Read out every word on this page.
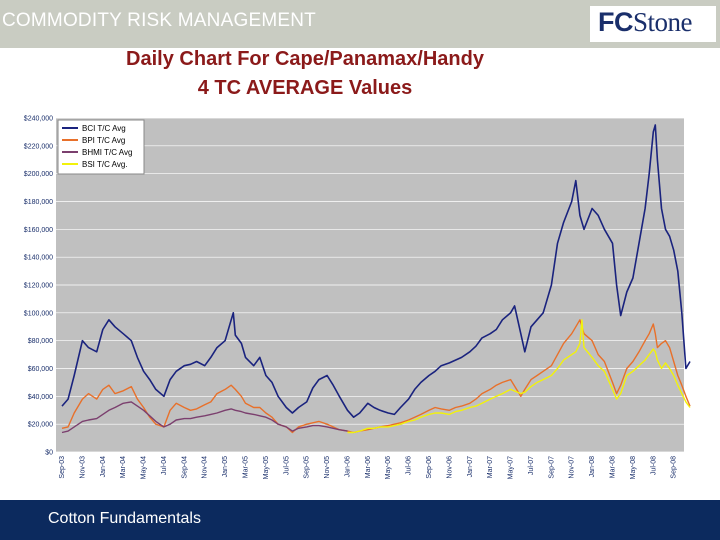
COMMODITY RISK MANAGEMENT	FCStone
Daily Chart For Cape/Panamax/Handy
4 TC AVERAGE Values
$0
$20,000
$40,000
$60,000
$80,000
$100,000
$120,000
$140,000
$160,000
$180,000
$200,000
$220,000
$240,000
Sep-03 Nov-03 Jan-04 Mar-04 May-04 Jul-04 Sep-04 Nov-04 Jan-05 Mar-05 May-05 Jul-05 Sep-05 Nov-05 Jan-06 Mar-06 May-06 Jul-06 Sep-06 Nov-06 Jan-07 Mar-07 May-07 Jul-07 Sep-07 Nov-07 Jan-08 Mar-08 May-08 Jul-08 Sep-08
BCI T/C Avg
BPI T/C Avg
BHMI T/C Avg
BSI T/C Avg.
Cotton Fundamentals
